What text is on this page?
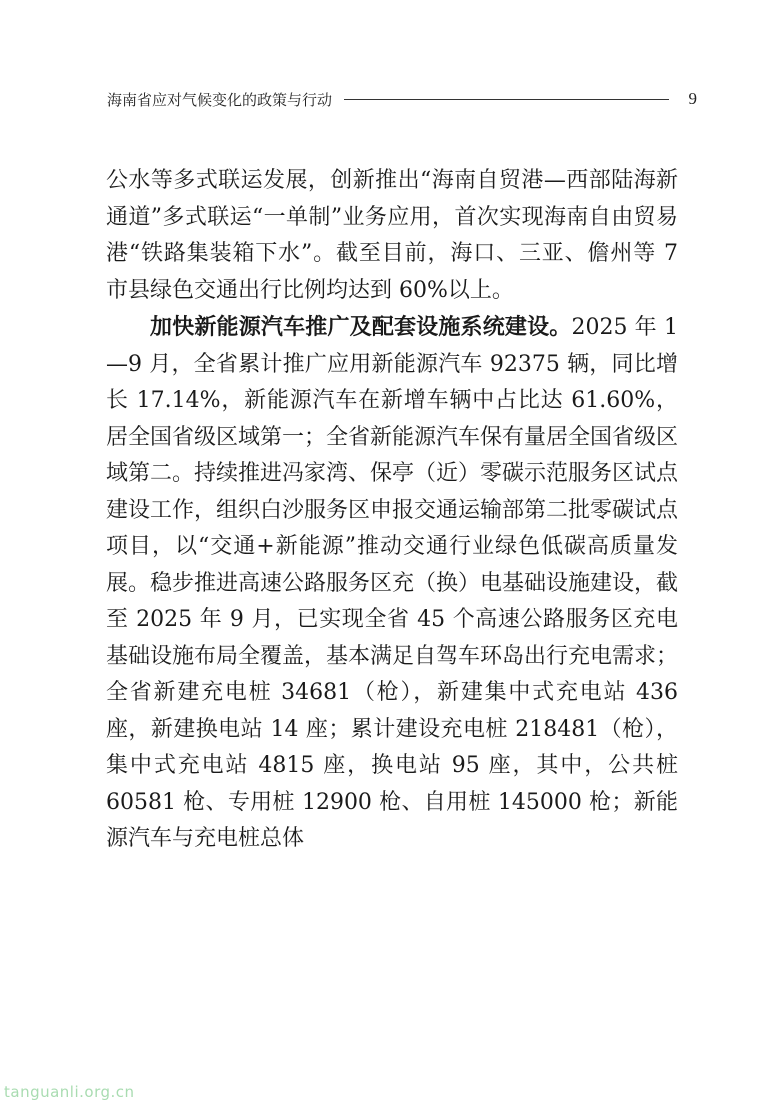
海南省应对气候变化的政策与行动	9

公水等多式联运发展，创新推出“海南自贸港—西部陆海新通道”多式联运“一单制”业务应用，首次实现海南自由贸易港“铁路集装箱下水”。截至目前，海口、三亚、儋州等 7 市县绿色交通出行比例均达到 60%以上。

加快新能源汽车推广及配套设施系统建设。2025 年 1—9 月，全省累计推广应用新能源汽车 92375 辆，同比增长 17.14%，新能源汽车在新增车辆中占比达 61.60%，居全国省级区域第一；全省新能源汽车保有量居全国省级区域第二。持续推进冯家湾、保亭（近）零碳示范服务区试点建设工作，组织白沙服务区申报交通运输部第二批零碳试点项目，以“交通+新能源”推动交通行业绿色低碳高质量发展。稳步推进高速公路服务区充（换）电基础设施建设，截至 2025 年 9 月，已实现全省 45 个高速公路服务区充电基础设施布局全覆盖，基本满足自驾车环岛出行充电需求；全省新建充电桩 34681（枪），新建集中式充电站 436 座，新建换电站 14 座；累计建设充电桩 218481（枪），集中式充电站 4815 座，换电站 95 座，其中，公共桩 60581 枪、专用桩 12900 枪、自用桩 145000 枪；新能源汽车与充电桩总体

tanguanli.org.cn
